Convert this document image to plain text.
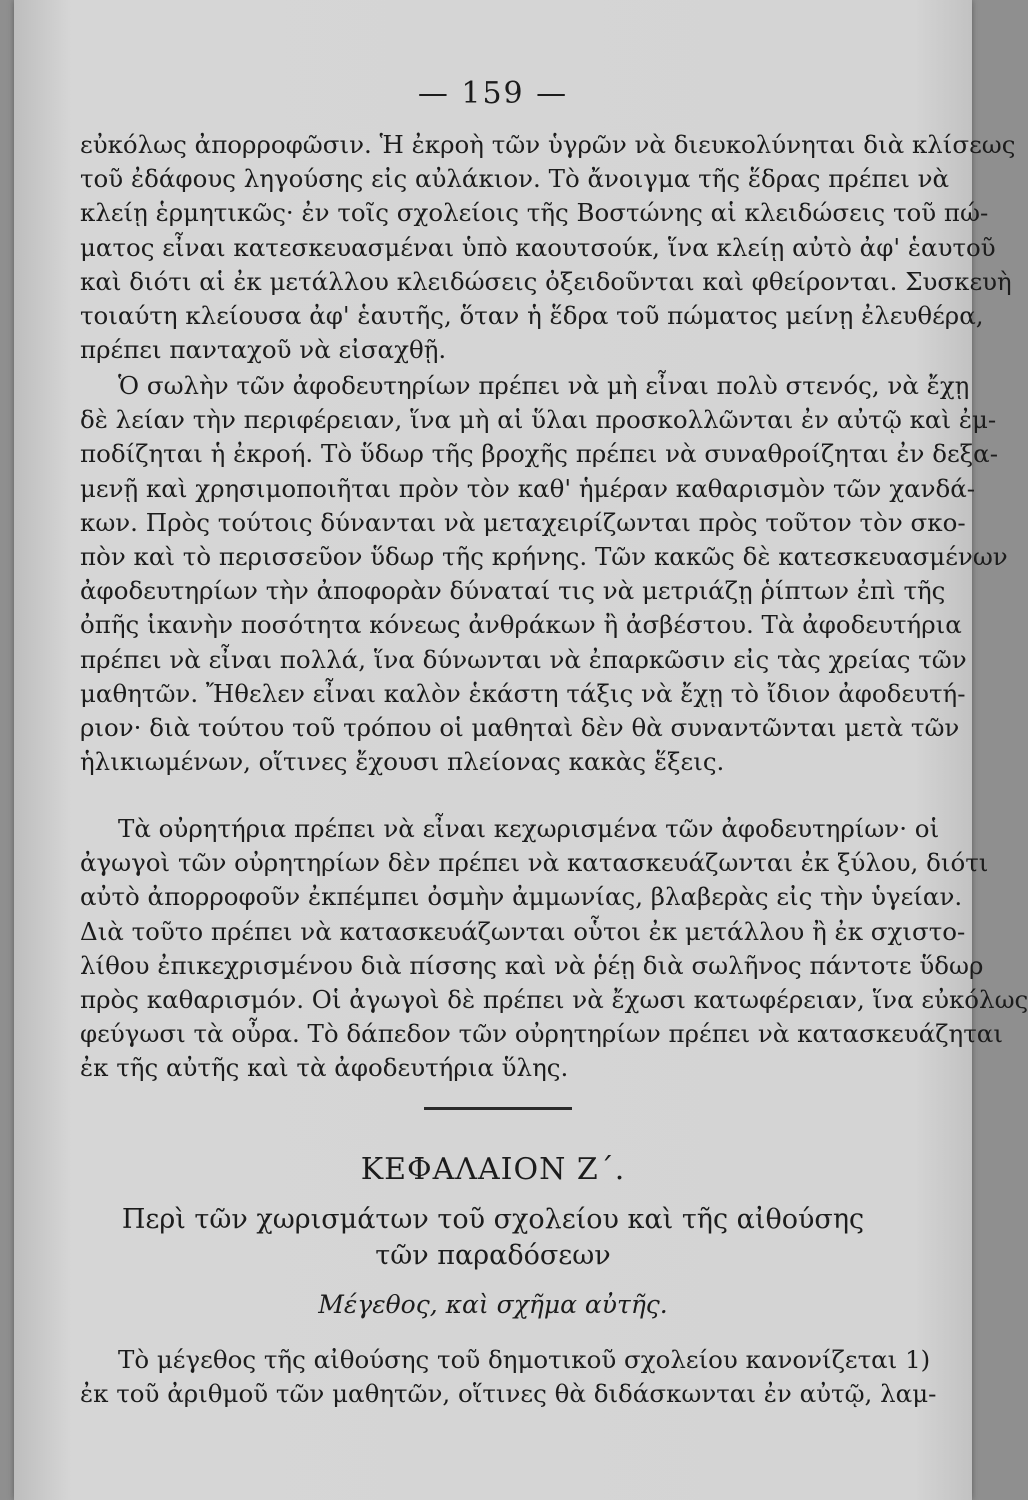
— 159 —
εὐκόλως ἀπορροφῶσιν. Ἡ ἐκροὴ τῶν ὑγρῶν νὰ διευκολύνηται διὰ κλίσεως
τοῦ ἐδάφους ληγούσης εἰς αὐλάκιον. Τὸ ἄνοιγμα τῆς ἕδρας πρέπει νὰ
κλείῃ ἑρμητικῶς· ἐν τοῖς σχολείοις τῆς Βοστώνης αἱ κλειδώσεις τοῦ πώ-
ματος εἶναι κατεσκευασμέναι ὑπὸ καουτσούκ, ἵνα κλείῃ αὐτὸ ἀφ' ἑαυτοῦ
καὶ διότι αἱ ἐκ μετάλλου κλειδώσεις ὀξειδοῦνται καὶ φθείρονται. Συσκευὴ
τοιαύτη κλείουσα ἀφ' ἑαυτῆς, ὅταν ἡ ἕδρα τοῦ πώματος μείνῃ ἐλευθέρα,
πρέπει πανταχοῦ νὰ εἰσαχθῇ.
Ὁ σωλὴν τῶν ἀφοδευτηρίων πρέπει νὰ μὴ εἶναι πολὺ στενός, νὰ ἔχῃ
δὲ λείαν τὴν περιφέρειαν, ἵνα μὴ αἱ ὕλαι προσκολλῶνται ἐν αὐτῷ καὶ ἐμ-
ποδίζηται ἡ ἐκροή. Τὸ ὕδωρ τῆς βροχῆς πρέπει νὰ συναθροίζηται ἐν δεξα-
μενῇ καὶ χρησιμοποιῆται πρὸν τὸν καθ' ἡμέραν καθαρισμὸν τῶν χανδά-
κων. Πρὸς τούτοις δύνανται νὰ μεταχειρίζωνται πρὸς τοῦτον τὸν σκο-
πὸν καὶ τὸ περισσεῦον ὕδωρ τῆς κρήνης. Τῶν κακῶς δὲ κατεσκευασμένων
ἀφοδευτηρίων τὴν ἀποφορὰν δύναταί τις νὰ μετριάζῃ ῥίπτων ἐπὶ τῆς
ὀπῆς ἱκανὴν ποσότητα κόνεως ἀνθράκων ἢ ἀσβέστου. Τὰ ἀφοδευτήρια
πρέπει νὰ εἶναι πολλά, ἵνα δύνωνται νὰ ἐπαρκῶσιν εἰς τὰς χρείας τῶν
μαθητῶν. Ἤθελεν εἶναι καλὸν ἑκάστη τάξις νὰ ἔχῃ τὸ ἴδιον ἀφοδευτή-
ριον· διὰ τούτου τοῦ τρόπου οἱ μαθηταὶ δὲν θὰ συναντῶνται μετὰ τῶν
ἡλικιωμένων, οἵτινες ἔχουσι πλείονας κακὰς ἕξεις.
Τὰ οὐρητήρια πρέπει νὰ εἶναι κεχωρισμένα τῶν ἀφοδευτηρίων· οἱ
ἀγωγοὶ τῶν οὐρητηρίων δὲν πρέπει νὰ κατασκευάζωνται ἐκ ξύλου, διότι
αὐτὸ ἀπορροφοῦν ἐκπέμπει ὀσμὴν ἀμμωνίας, βλαβερὰς εἰς τὴν ὑγείαν.
Διὰ τοῦτο πρέπει νὰ κατασκευάζωνται οὗτοι ἐκ μετάλλου ἢ ἐκ σχιστο-
λίθου ἐπικεχρισμένου διὰ πίσσης καὶ νὰ ῥέῃ διὰ σωλῆνος πάντοτε ὕδωρ
πρὸς καθαρισμόν. Οἱ ἀγωγοὶ δὲ πρέπει νὰ ἔχωσι κατωφέρειαν, ἵνα εὐκόλως
φεύγωσι τὰ οὖρα. Τὸ δάπεδον τῶν οὐρητηρίων πρέπει νὰ κατασκευάζηται
ἐκ τῆς αὐτῆς καὶ τὰ ἀφοδευτήρια ὕλης.
ΚΕΦΑΛΑΙΟΝ Ζ΄.
Περὶ τῶν χωρισμάτων τοῦ σχολείου καὶ τῆς αἰθούσης
τῶν παραδόσεων
Μέγεθος, καὶ σχῆμα αὐτῆς.
Τὸ μέγεθος τῆς αἰθούσης τοῦ δημοτικοῦ σχολείου κανονίζεται 1)
ἐκ τοῦ ἀριθμοῦ τῶν μαθητῶν, οἵτινες θὰ διδάσκωνται ἐν αὐτῷ, λαμ-
